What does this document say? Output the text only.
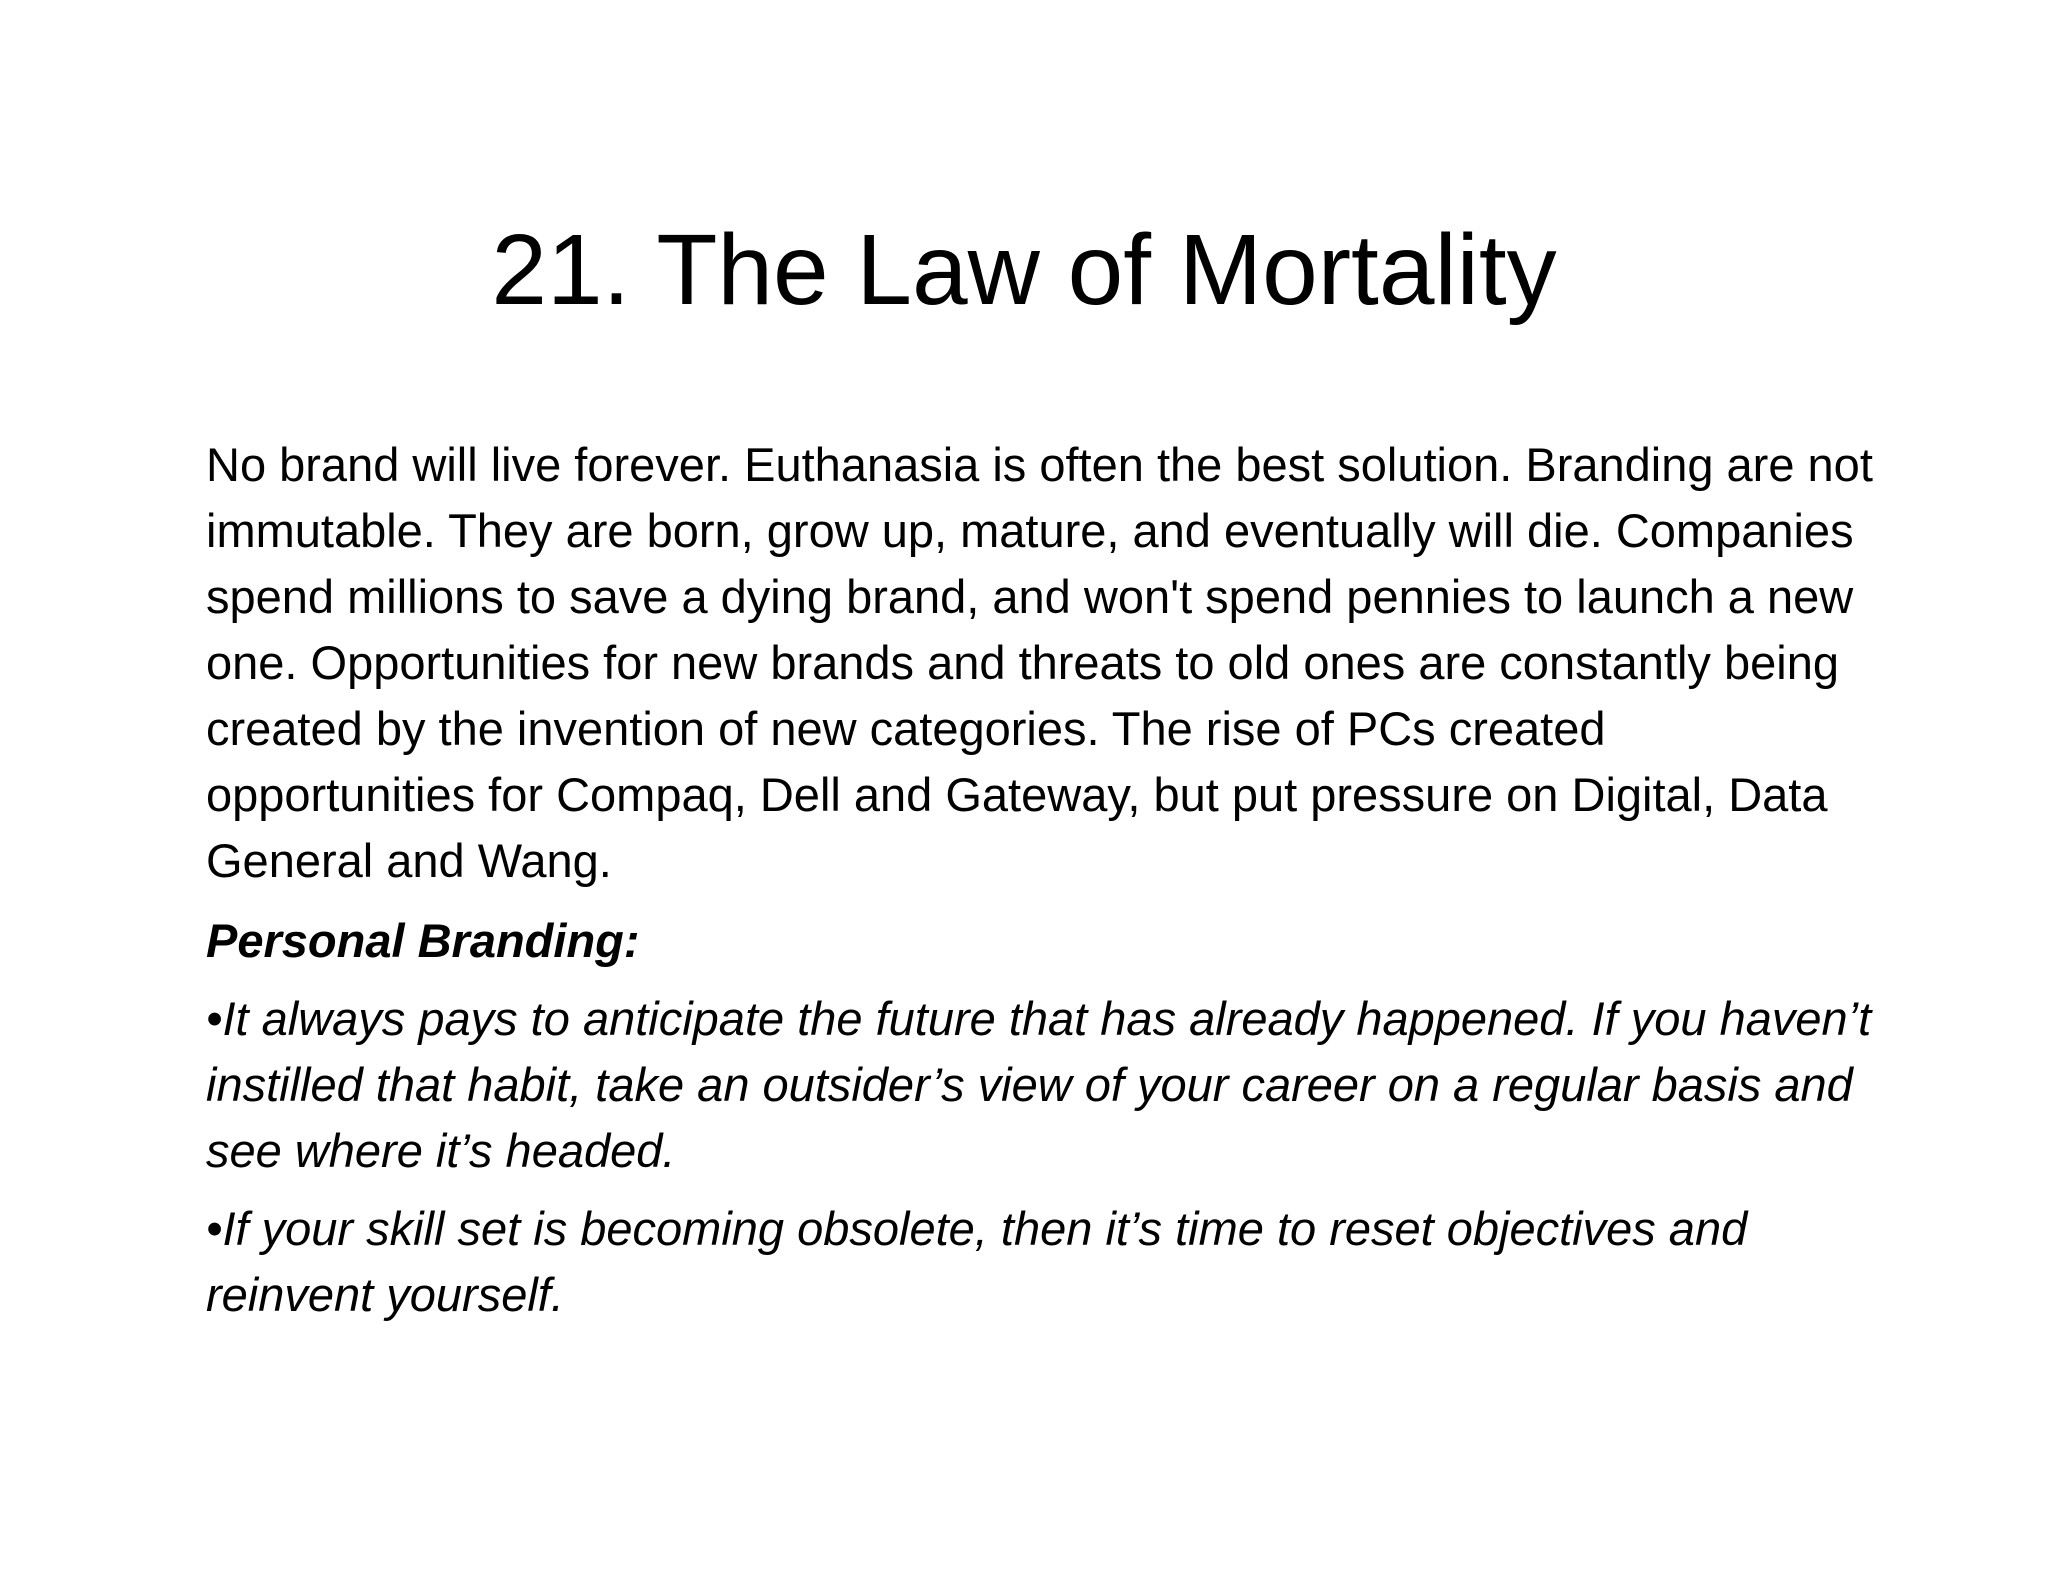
21. The Law of Mortality

No brand will live forever. Euthanasia is often the best solution. Branding are not immutable. They are born, grow up, mature, and eventually will die. Companies spend millions to save a dying brand, and won't spend pennies to launch a new one. Opportunities for new brands and threats to old ones are constantly being created by the invention of new categories. The rise of PCs created opportunities for Compaq, Dell and Gateway, but put pressure on Digital, Data General and Wang.

Personal Branding:

•It always pays to anticipate the future that has already happened. If you haven’t instilled that habit, take an outsider’s view of your career on a regular basis and see where it’s headed.

•If your skill set is becoming obsolete, then it’s time to reset objectives and reinvent yourself.
